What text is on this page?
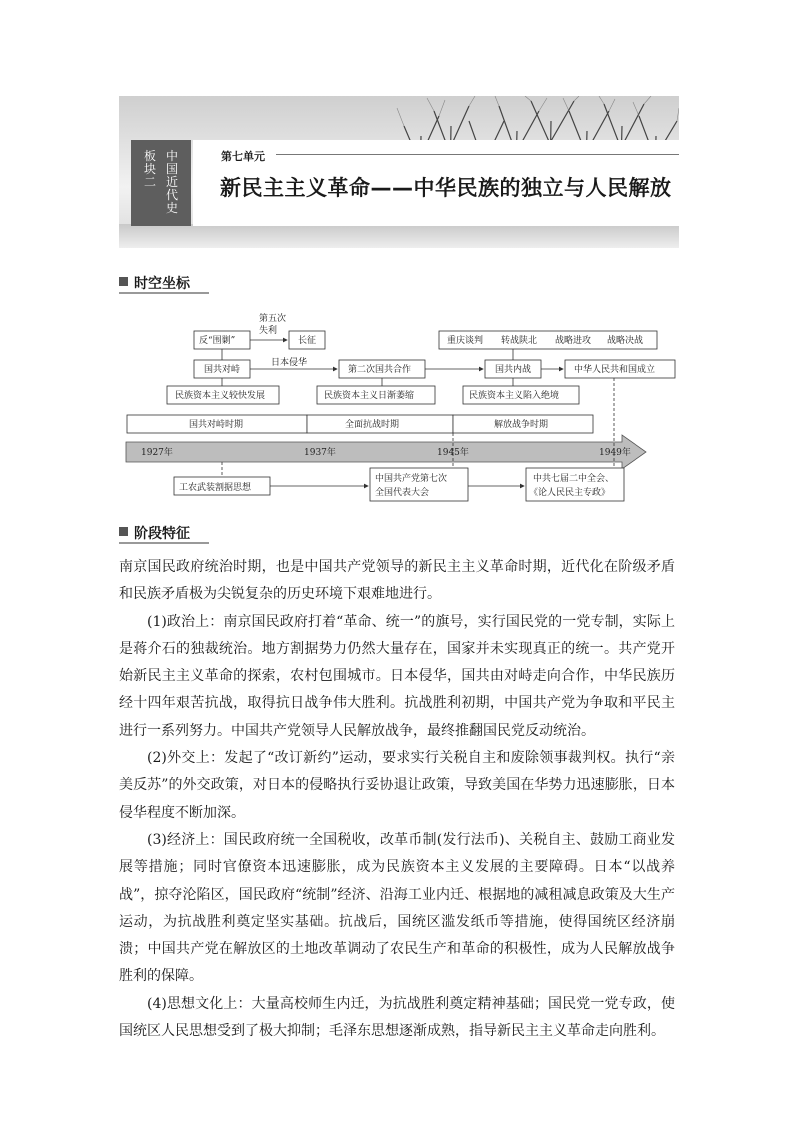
中国近代史
板块二
第七单元
新民主主义革命——中华民族的独立与人民解放
时空坐标
第五次
失利
反“围剿”	长征
日本侵华
国共对峙	第二次国共合作	国共内战	中华人民共和国成立
重庆谈判 转战陕北 战略进攻 战略决战
民族资本主义较快发展	民族资本主义日渐萎缩	民族资本主义陷入绝境
国共对峙时期	全面抗战时期	解放战争时期
1927年	1937年	1945年	1949年
工农武装割据思想
中国共产党第七次
全国代表大会
中共七届二中全会、
《论人民民主专政》
阶段特征

南京国民政府统治时期，也是中国共产党领导的新民主主义革命时期，近代化在阶级矛盾和民族矛盾极为尖锐复杂的历史环境下艰难地进行。

(1)政治上：南京国民政府打着“革命、统一”的旗号，实行国民党的一党专制，实际上是蒋介石的独裁统治。地方割据势力仍然大量存在，国家并未实现真正的统一。共产党开始新民主主义革命的探索，农村包围城市。日本侵华，国共由对峙走向合作，中华民族历经十四年艰苦抗战，取得抗日战争伟大胜利。抗战胜利初期，中国共产党为争取和平民主进行一系列努力。中国共产党领导人民解放战争，最终推翻国民党反动统治。

(2)外交上：发起了“改订新约”运动，要求实行关税自主和废除领事裁判权。执行“亲美反苏”的外交政策，对日本的侵略执行妥协退让政策，导致美国在华势力迅速膨胀，日本侵华程度不断加深。

(3)经济上：国民政府统一全国税收，改革币制(发行法币)、关税自主、鼓励工商业发展等措施；同时官僚资本迅速膨胀，成为民族资本主义发展的主要障碍。日本“以战养战”，掠夺沦陷区，国民政府“统制”经济、沿海工业内迁、根据地的减租减息政策及大生产运动，为抗战胜利奠定坚实基础。抗战后，国统区滥发纸币等措施，使得国统区经济崩溃；中国共产党在解放区的土地改革调动了农民生产和革命的积极性，成为人民解放战争胜利的保障。

(4)思想文化上：大量高校师生内迁，为抗战胜利奠定精神基础；国民党一党专政，使国统区人民思想受到了极大抑制；毛泽东思想逐渐成熟，指导新民主主义革命走向胜利。
